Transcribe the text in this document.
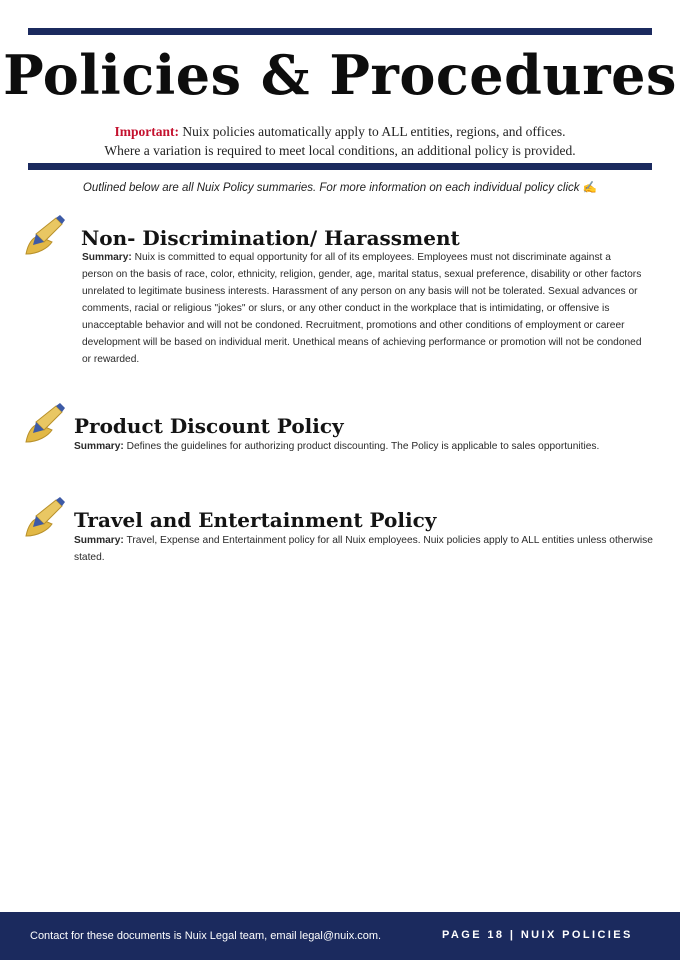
Policies & Procedures
Important: Nuix policies automatically apply to ALL entities, regions, and offices.
Where a variation is required to meet local conditions, an additional policy is provided.
Outlined below are all Nuix Policy summaries. For more information on each individual policy click ✍
Non- Discrimination/ Harassment
Summary: Nuix is committed to equal opportunity for all of its employees. Employees must not discriminate against a person on the basis of race, color, ethnicity, religion, gender, age, marital status, sexual preference, disability or other factors unrelated to legitimate business interests. Harassment of any person on any basis will not be tolerated. Sexual advances or comments, racial or religious "jokes" or slurs, or any other conduct in the workplace that is intimidating, or offensive is unacceptable behavior and will not be condoned. Recruitment, promotions and other conditions of employment or career development will be based on individual merit. Unethical means of achieving performance or promotion will not be condoned or rewarded.
Product Discount Policy
Summary: Defines the guidelines for authorizing product discounting. The Policy is applicable to sales opportunities.
Travel and Entertainment Policy
Summary: Travel, Expense and Entertainment policy for all Nuix employees. Nuix policies apply to ALL entities unless otherwise stated.
Contact for these documents is Nuix Legal team, email legal@nuix.com.	PAGE 18 | NUIX POLICIES
